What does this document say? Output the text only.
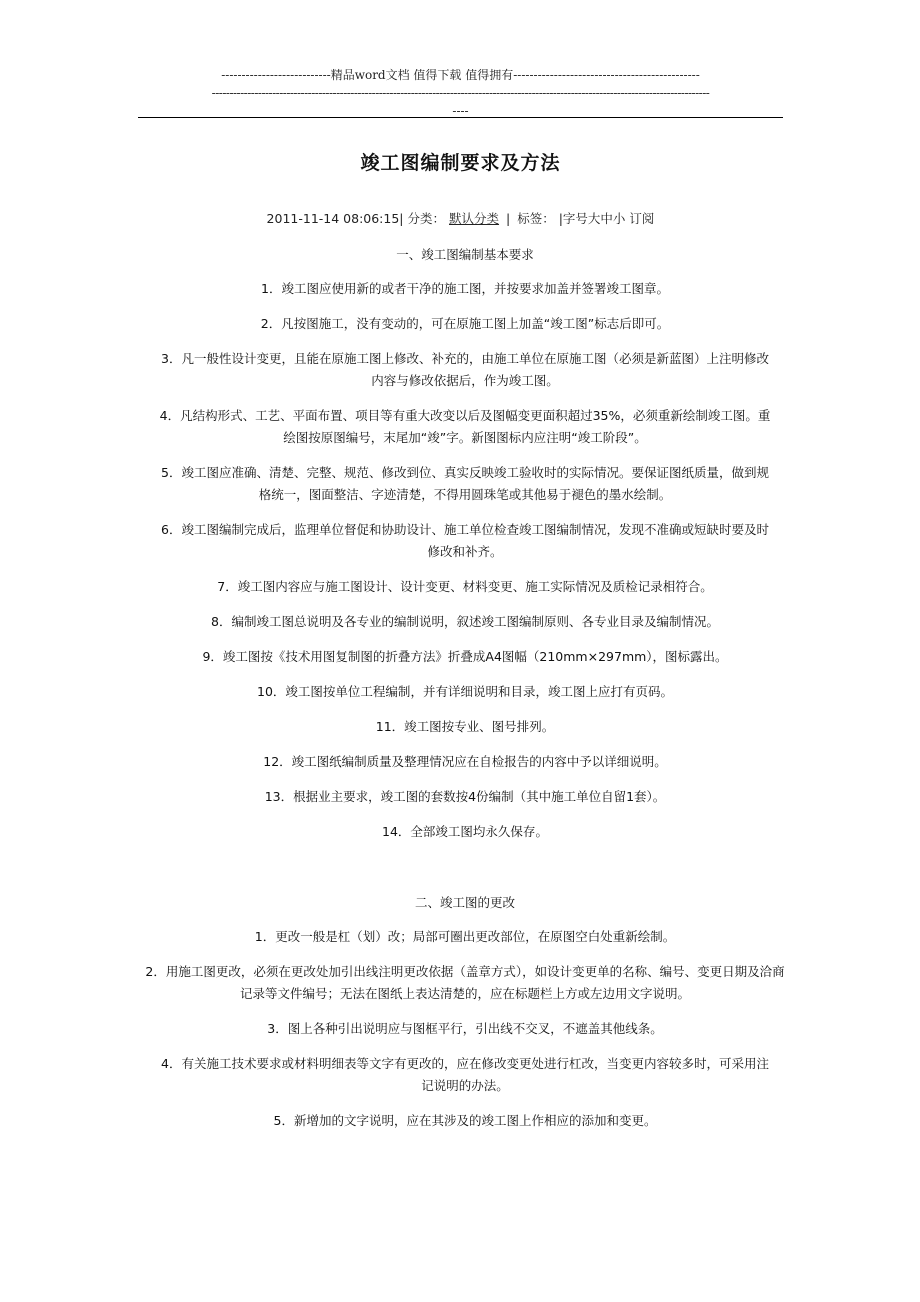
---------------------------精品word文档 值得下载 值得拥有----------------------------------------------
--------------------------------------------------------------------------------------------------------------------------------------------
----
竣工图编制要求及方法
2011-11-14 08:06:15| 分类： 默认分类 | 标签： |字号大中小 订阅
一、竣工图编制基本要求
1．竣工图应使用新的或者干净的施工图，并按要求加盖并签署竣工图章。
2．凡按图施工，没有变动的，可在原施工图上加盖“竣工图”标志后即可。
3．凡一般性设计变更，且能在原施工图上修改、补充的，由施工单位在原施工图（必须是新蓝图）上注明修改内容与修改依据后，作为竣工图。
4．凡结构形式、工艺、平面布置、项目等有重大改变以后及图幅变更面积超过35%，必须重新绘制竣工图。重绘图按原图编号，末尾加“竣”字。新图图标内应注明“竣工阶段”。
5．竣工图应准确、清楚、完整、规范、修改到位、真实反映竣工验收时的实际情况。要保证图纸质量，做到规格统一，图面整洁、字迹清楚，不得用圆珠笔或其他易于褪色的墨水绘制。
6．竣工图编制完成后，监理单位督促和协助设计、施工单位检查竣工图编制情况，发现不准确或短缺时要及时修改和补齐。
7．竣工图内容应与施工图设计、设计变更、材料变更、施工实际情况及质检记录相符合。
8．编制竣工图总说明及各专业的编制说明，叙述竣工图编制原则、各专业目录及编制情况。
9．竣工图按《技术用图复制图的折叠方法》折叠成A4图幅（210mm×297mm），图标露出。
10．竣工图按单位工程编制，并有详细说明和目录，竣工图上应打有页码。
11．竣工图按专业、图号排列。
12．竣工图纸编制质量及整理情况应在自检报告的内容中予以详细说明。
13．根据业主要求，竣工图的套数按4份编制（其中施工单位自留1套）。
14．全部竣工图均永久保存。
二、竣工图的更改
1．更改一般是杠（划）改；局部可圈出更改部位，在原图空白处重新绘制。
2．用施工图更改，必须在更改处加引出线注明更改依据（盖章方式），如设计变更单的名称、编号、变更日期及洽商记录等文件编号；无法在图纸上表达清楚的，应在标题栏上方或左边用文字说明。
3．图上各种引出说明应与图框平行，引出线不交叉，不遮盖其他线条。
4．有关施工技术要求或材料明细表等文字有更改的，应在修改变更处进行杠改，当变更内容较多时，可采用注记说明的办法。
5．新增加的文字说明，应在其涉及的竣工图上作相应的添加和变更。
